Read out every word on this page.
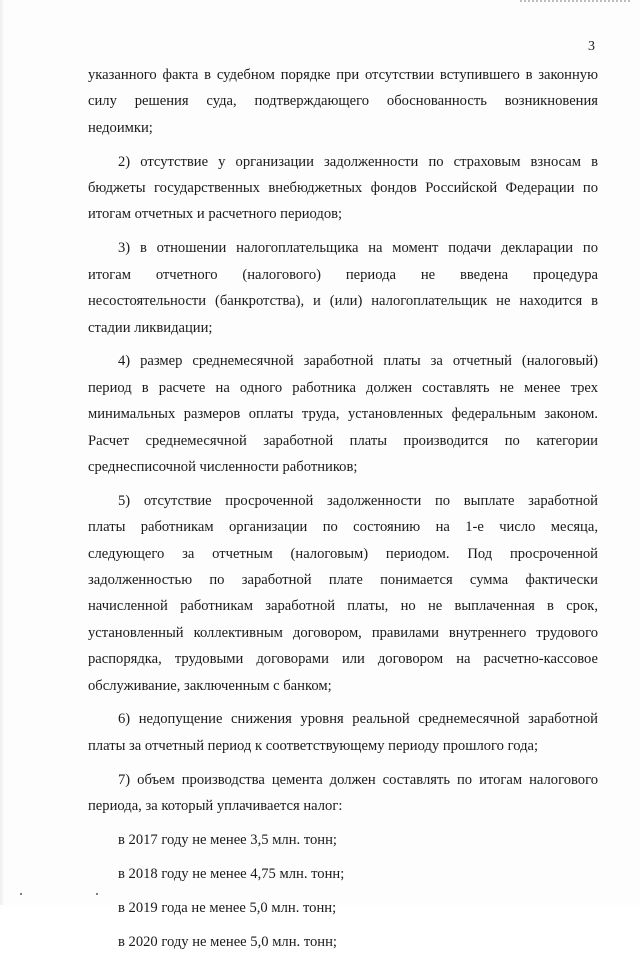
3
указанного факта в судебном порядке при отсутствии вступившего в законную
силу решения суда, подтверждающего обоснованность возникновения
недоимки;
2) отсутствие у организации задолженности по страховым взносам в
бюджеты государственных внебюджетных фондов Российской Федерации по
итогам отчетных и расчетного периодов;
3) в отношении налогоплательщика на момент подачи декларации по
итогам отчетного (налогового) периода не введена процедура
несостоятельности (банкротства), и (или) налогоплательщик не находится в
стадии ликвидации;
4) размер среднемесячной заработной платы за отчетный (налоговый)
период в расчете на одного работника должен составлять не менее трех
минимальных размеров оплаты труда, установленных федеральным законом.
Расчет среднемесячной заработной платы производится по категории
среднесписочной численности работников;
5) отсутствие просроченной задолженности по выплате заработной
платы работникам организации по состоянию на 1-е число месяца,
следующего за отчетным (налоговым) периодом. Под просроченной
задолженностью по заработной плате понимается сумма фактически
начисленной работникам заработной платы, но не выплаченная в срок,
установленный коллективным договором, правилами внутреннего трудового
распорядка, трудовыми договорами или договором на расчетно-кассовое
обслуживание, заключенным с банком;
6) недопущение снижения уровня реальной среднемесячной заработной
платы за отчетный период к соответствующему периоду прошлого года;
7) объем производства цемента должен составлять по итогам налогового
периода, за который уплачивается налог:
в 2017 году не менее 3,5 млн. тонн;
в 2018 году не менее 4,75 млн. тонн;
в 2019 года не менее 5,0 млн. тонн;
в 2020 году не менее 5,0 млн. тонн;
